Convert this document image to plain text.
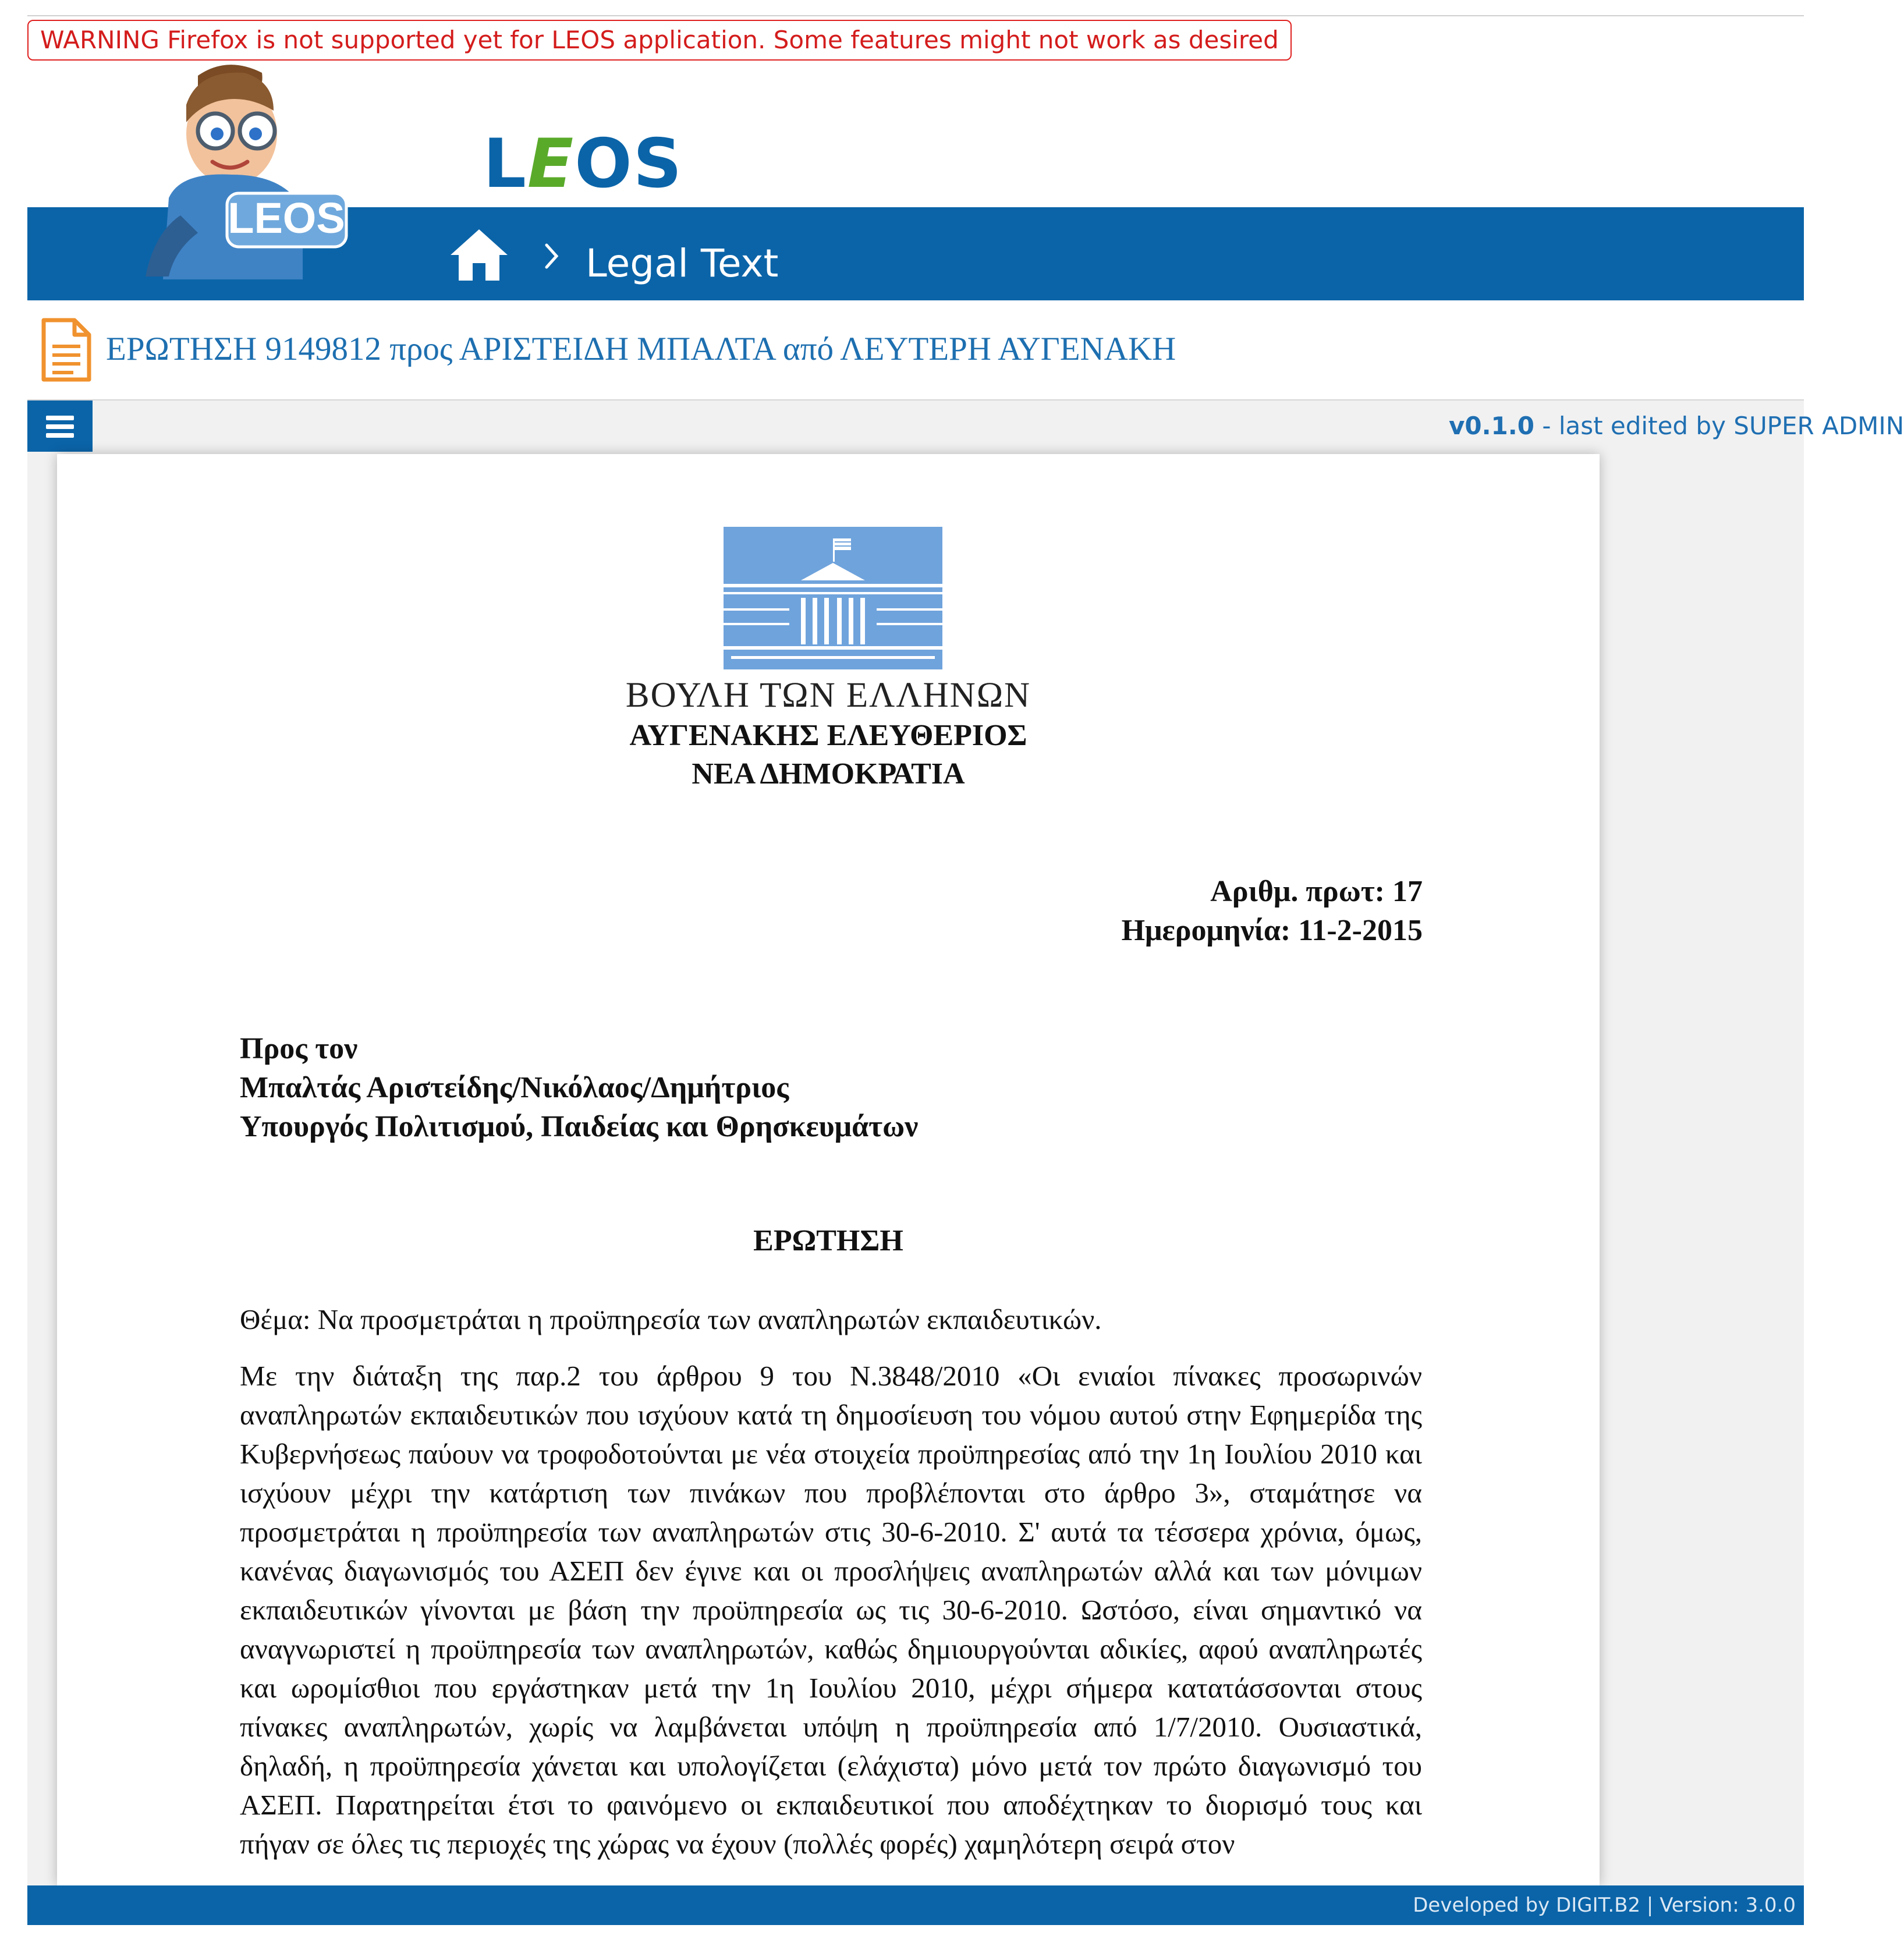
WARNING Firefox is not supported yet for LEOS application. Some features might not work as desired
LEOS
LEOS
Legal Text
ΕΡΩΤΗΣΗ 9149812 προς ΑΡΙΣΤΕΙΔΗ ΜΠΑΛΤΑ από ΛΕΥΤΕΡΗ ΑΥΓΕΝΑΚΗ
v0.1.0 - last edited by SUPER ADMIN
ΒΟΥΛΗ ΤΩΝ ΕΛΛΗΝΩΝ
ΑΥΓΕΝΑΚΗΣ ΕΛΕΥΘΕΡΙΟΣ
ΝΕΑ ΔΗΜΟΚΡΑΤΙΑ
Αριθμ. πρωτ: 17
Ημερομηνία: 11-2-2015
Προς τον
Μπαλτάς Αριστείδης/Νικόλαος/Δημήτριος
Υπουργός Πολιτισμού, Παιδείας και Θρησκευμάτων
ΕΡΩΤΗΣΗ
Θέμα: Να προσμετράται η προϋπηρεσία των αναπληρωτών εκπαιδευτικών.
Με την διάταξη της παρ.2 του άρθρου 9 του Ν.3848/2010 «Οι ενιαίοι πίνακες προσωρινών αναπληρωτών εκπαιδευτικών που ισχύουν κατά τη δημοσίευση του νόμου αυτού στην Εφημερίδα της Κυβερνήσεως παύουν να τροφοδοτούνται με νέα στοιχεία προϋπηρεσίας από την 1η Ιουλίου 2010 και ισχύουν μέχρι την κατάρτιση των πινάκων που προβλέπονται στο άρθρο 3», σταμάτησε να προσμετράται η προϋπηρεσία των αναπληρωτών στις 30-6-2010. Σ' αυτά τα τέσσερα χρόνια, όμως, κανένας διαγωνισμός του ΑΣΕΠ δεν έγινε και οι προσλήψεις αναπληρωτών αλλά και των μόνιμων εκπαιδευτικών γίνονται με βάση την προϋπηρεσία ως τις 30-6-2010. Ωστόσο, είναι σημαντικό να αναγνωριστεί η προϋπηρεσία των αναπληρωτών, καθώς δημιουργούνται αδικίες, αφού αναπληρωτές και ωρομίσθιοι που εργάστηκαν μετά την 1η Ιουλίου 2010, μέχρι σήμερα κατατάσσονται στους πίνακες αναπληρωτών, χωρίς να λαμβάνεται υπόψη η προϋπηρεσία από 1/7/2010. Ουσιαστικά, δηλαδή, η προϋπηρεσία χάνεται και υπολογίζεται (ελάχιστα) μόνο μετά τον πρώτο διαγωνισμό του ΑΣΕΠ. Παρατηρείται έτσι το φαινόμενο οι εκπαιδευτικοί που αποδέχτηκαν το διορισμό τους και πήγαν σε όλες τις περιοχές της χώρας να έχουν (πολλές φορές) χαμηλότερη σειρά στον
Developed by DIGIT.B2 | Version: 3.0.0
